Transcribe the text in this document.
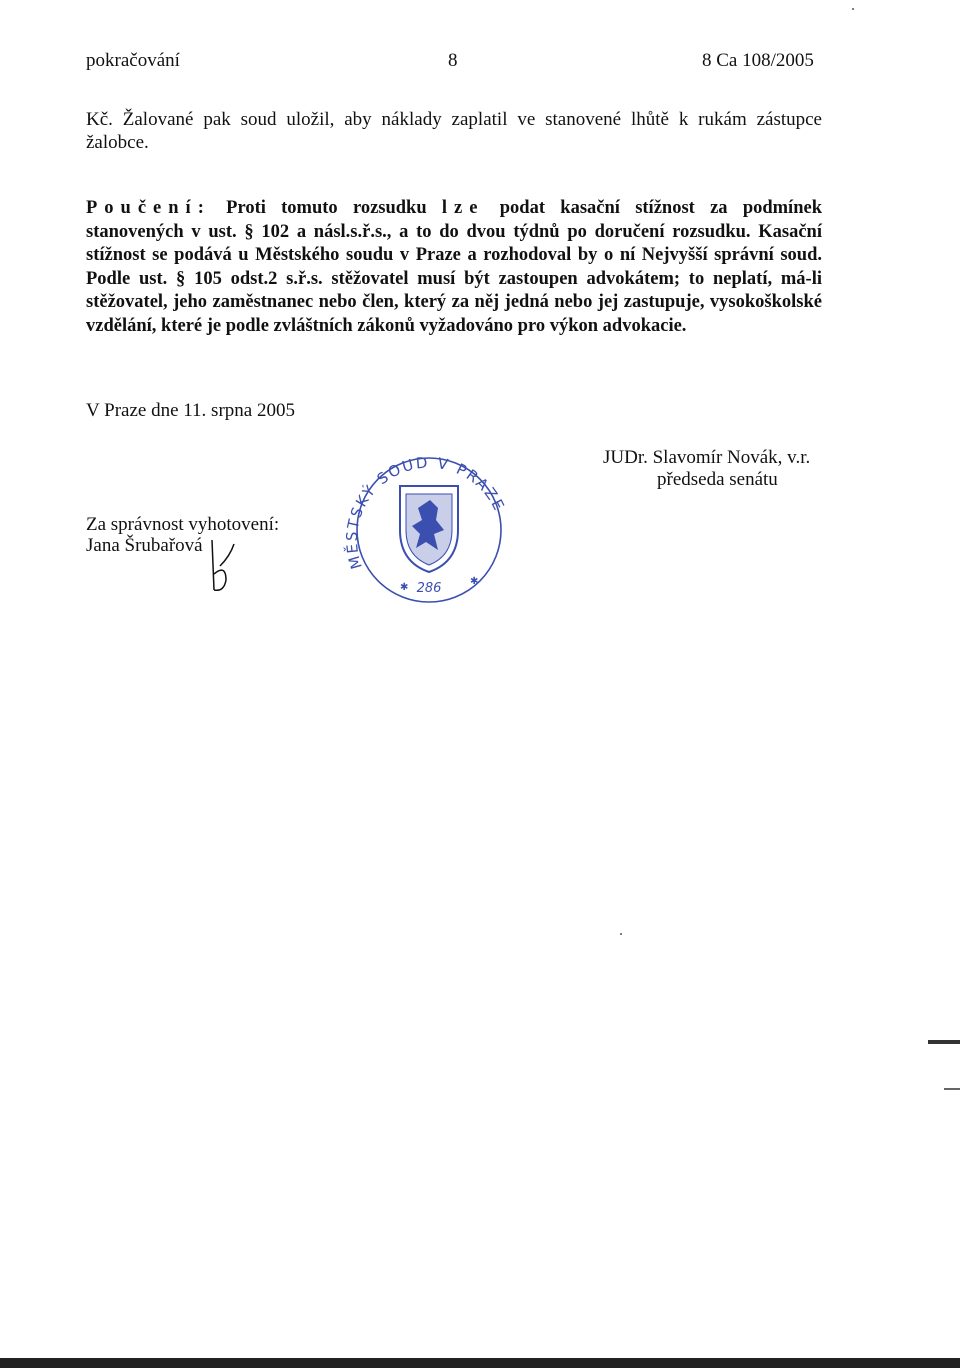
pokračování	8	8 Ca 108/2005
Kč. Žalované pak soud uložil, aby náklady zaplatil ve stanovené lhůtě k rukám zástupce žalobce.
Poučení: Proti tomuto rozsudku lze podat kasační stížnost za podmínek stanovených v ust. § 102 a násl.s.ř.s., a to do dvou týdnů po doručení rozsudku. Kasační stížnost se podává u Městského soudu v Praze a rozhodoval by o ní Nejvyšší správní soud. Podle ust. § 105 odst.2 s.ř.s. stěžovatel musí být zastoupen advokátem; to neplatí, má-li stěžovatel, jeho zaměstnanec nebo člen, který za něj jedná nebo jej zastupuje, vysokoškolské vzdělání, které je podle zvláštních zákonů vyžadováno pro výkon advokacie.
V Praze dne 11. srpna 2005
JUDr. Slavomír Novák, v.r.
předseda senátu
Za správnost vyhotovení:
Jana Šrubařová
MĚSTSKÝ SOUD V PRAZE
286
✱
✱
